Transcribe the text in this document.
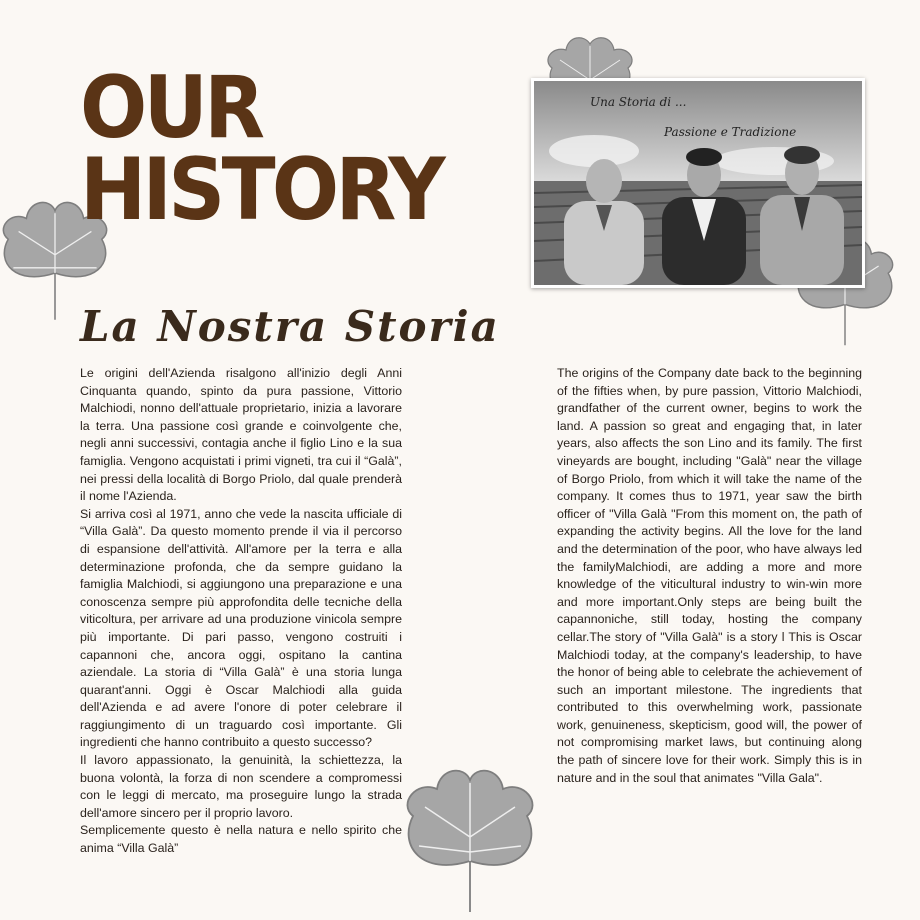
OUR
HISTORY
La Nostra Storia
Una Storia di ...
Passione e Tradizione

Le origini dell'Azienda risalgono all'inizio degli Anni Cinquanta quando, spinto da pura passione, Vittorio Malchiodi, nonno dell'attuale proprietario, inizia a lavorare la terra. Una passione così grande e coinvolgente che, negli anni successivi, contagia anche il figlio Lino e la sua famiglia. Vengono acquistati i primi vigneti, tra cui il “Galà”, nei pressi della località di Borgo Priolo, dal quale prenderà il nome l'Azienda.

Si arriva così al 1971, anno che vede la nascita ufficiale di “Villa Galà”. Da questo momento prende il via il percorso di espansione dell'attività. All'amore per la terra e alla determinazione profonda, che da sempre guidano la famiglia Malchiodi, si aggiungono una preparazione e una conoscenza sempre più approfondita delle tecniche della viticoltura, per arrivare ad una produzione vinicola sempre più importante. Di pari passo, vengono costruiti i capannoni che, ancora oggi, ospitano la cantina aziendale. La storia di “Villa Galà” è una storia lunga quarant'anni. Oggi è Oscar Malchiodi alla guida dell'Azienda e ad avere l'onore di poter celebrare il raggiungimento di un traguardo così importante. Gli ingredienti che hanno contribuito a questo successo?

Il lavoro appassionato, la genuinità, la schiettezza, la buona volontà, la forza di non scendere a compromessi con le leggi di mercato, ma proseguire lungo la strada dell'amore sincero per il proprio lavoro.

Semplicemente questo è nella natura e nello spirito che anima “Villa Galà”

The origins of the Company date back to the beginning of the fifties when, by pure passion, Vittorio Malchiodi, grandfather of the current owner, begins to work the land. A passion so great and engaging that, in later years, also affects the son Lino and its family. The first vineyards are bought, including "Galà" near the village of Borgo Priolo, from which it will take the name of the company. It comes thus to 1971, year saw the birth officer of "Villa Galà "From this moment on, the path of expanding the activity begins. All the love for the land and the determination of the poor, who have always led the familyMalchiodi, are adding a more and more knowledge of the viticultural industry to win-win more and more important.Only steps are being built the capannoniche, still today, hosting the company cellar.The story of "Villa Galà" is a story l This is Oscar Malchiodi today, at the company's leadership, to have the honor of being able to celebrate the achievement of such an important milestone. The ingredients that contributed to this overwhelming work, passionate work, genuineness, skepticism, good will, the power of not compromising market laws, but continuing along the path of sincere love for their work. Simply this is in nature and in the soul that animates "Villa Gala".
